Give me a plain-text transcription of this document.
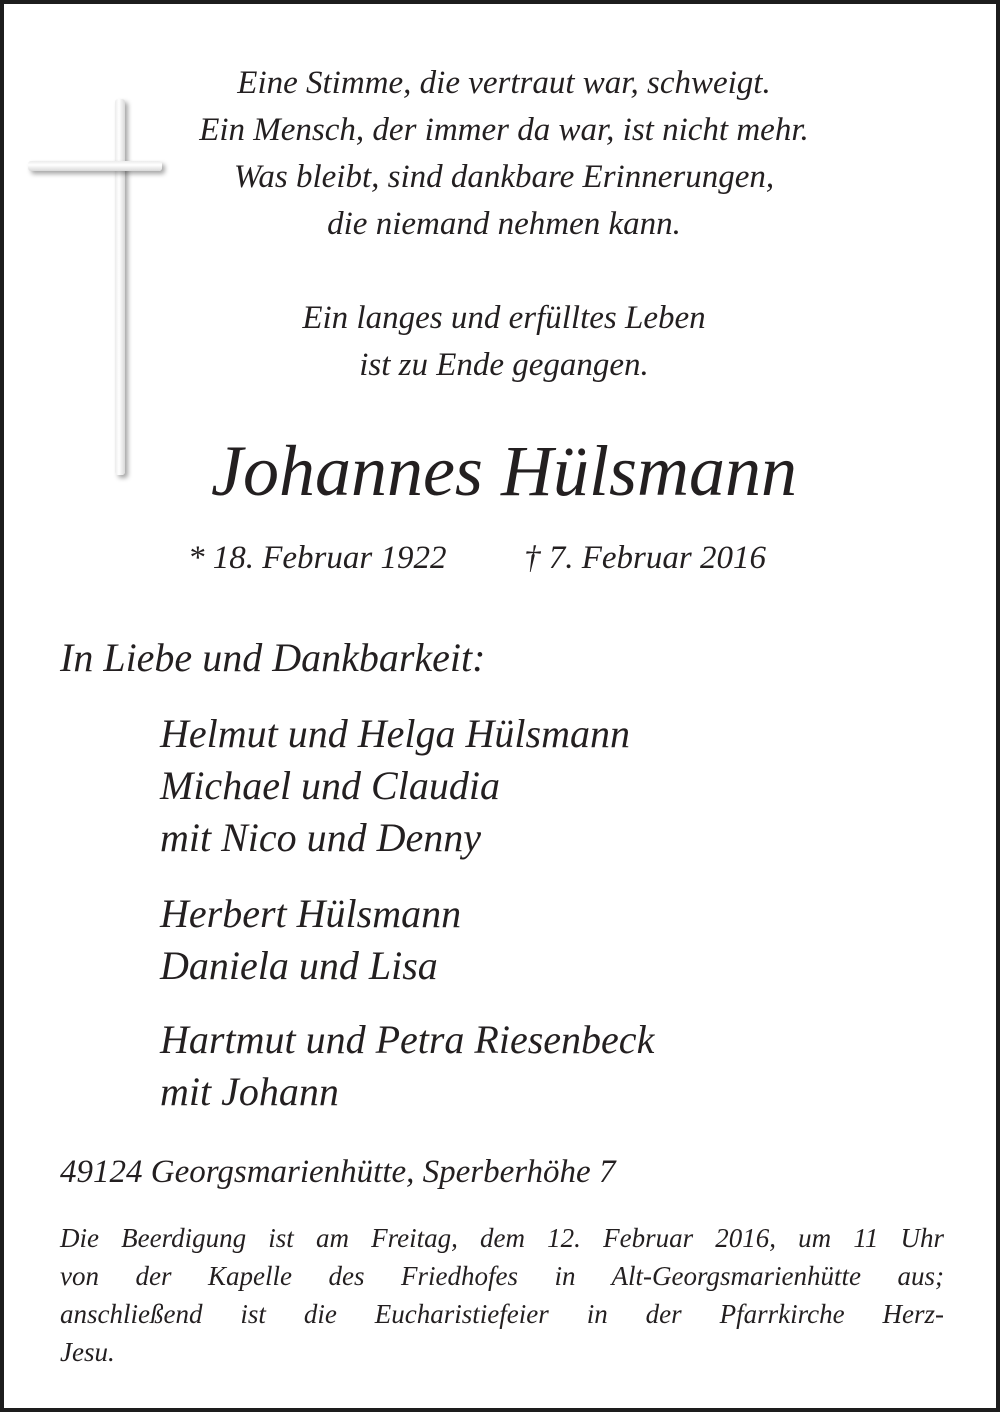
Eine Stimme, die vertraut war, schweigt.
Ein Mensch, der immer da war, ist nicht mehr.
Was bleibt, sind dankbare Erinnerungen,
die niemand nehmen kann.
Ein langes und erfülltes Leben
ist zu Ende gegangen.
Johannes Hülsmann
* 18. Februar 1922 † 7. Februar 2016
In Liebe und Dankbarkeit:
Helmut und Helga Hülsmann
Michael und Claudia
mit Nico und Denny
Herbert Hülsmann
Daniela und Lisa
Hartmut und Petra Riesenbeck
mit Johann
49124 Georgsmarienhütte, Sperberhöhe 7
Die Beerdigung ist am Freitag, dem 12. Februar 2016, um 11 Uhr
von der Kapelle des Friedhofes in Alt-Georgsmarienhütte aus;
anschließend ist die Eucharistiefeier in der Pfarrkirche Herz-
Jesu.
